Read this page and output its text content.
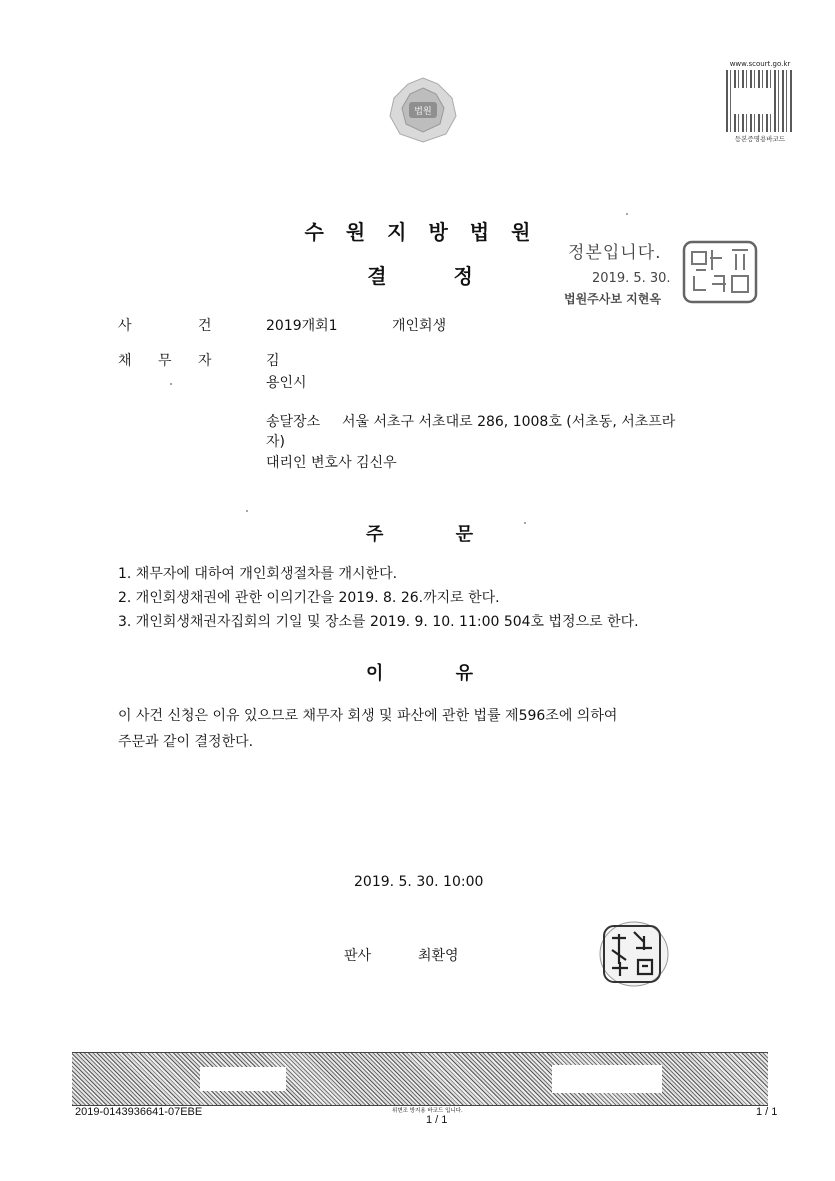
법원
www.scourt.go.kr
등본증명용바코드
수원지방법원
결 정
정본입니다.
2019. 5. 30.
법원주사보 지현옥
사 건	2019개회1	개인회생
채 무 자	김
용인시
송달장소 서울 서초구 서초대로 286, 1008호 (서초동, 서초프라
자)
대리인 변호사 김신우
주 문
1. 채무자에 대하여 개인회생절차를 개시한다.
2. 개인회생채권에 관한 이의기간을 2019. 8. 26.까지로 한다.
3. 개인회생채권자집회의 기일 및 장소를 2019. 9. 10. 11:00 504호 법정으로 한다.
이 유
이 사건 신청은 이유 있으므로 채무자 회생 및 파산에 관한 법률 제596조에 의하여
주문과 같이 결정한다.
2019. 5. 30. 10:00
판사	최환영
2019-0143936641-07EBE	위변조 방지용 바코드 입니다.
1 / 1
1 / 1
